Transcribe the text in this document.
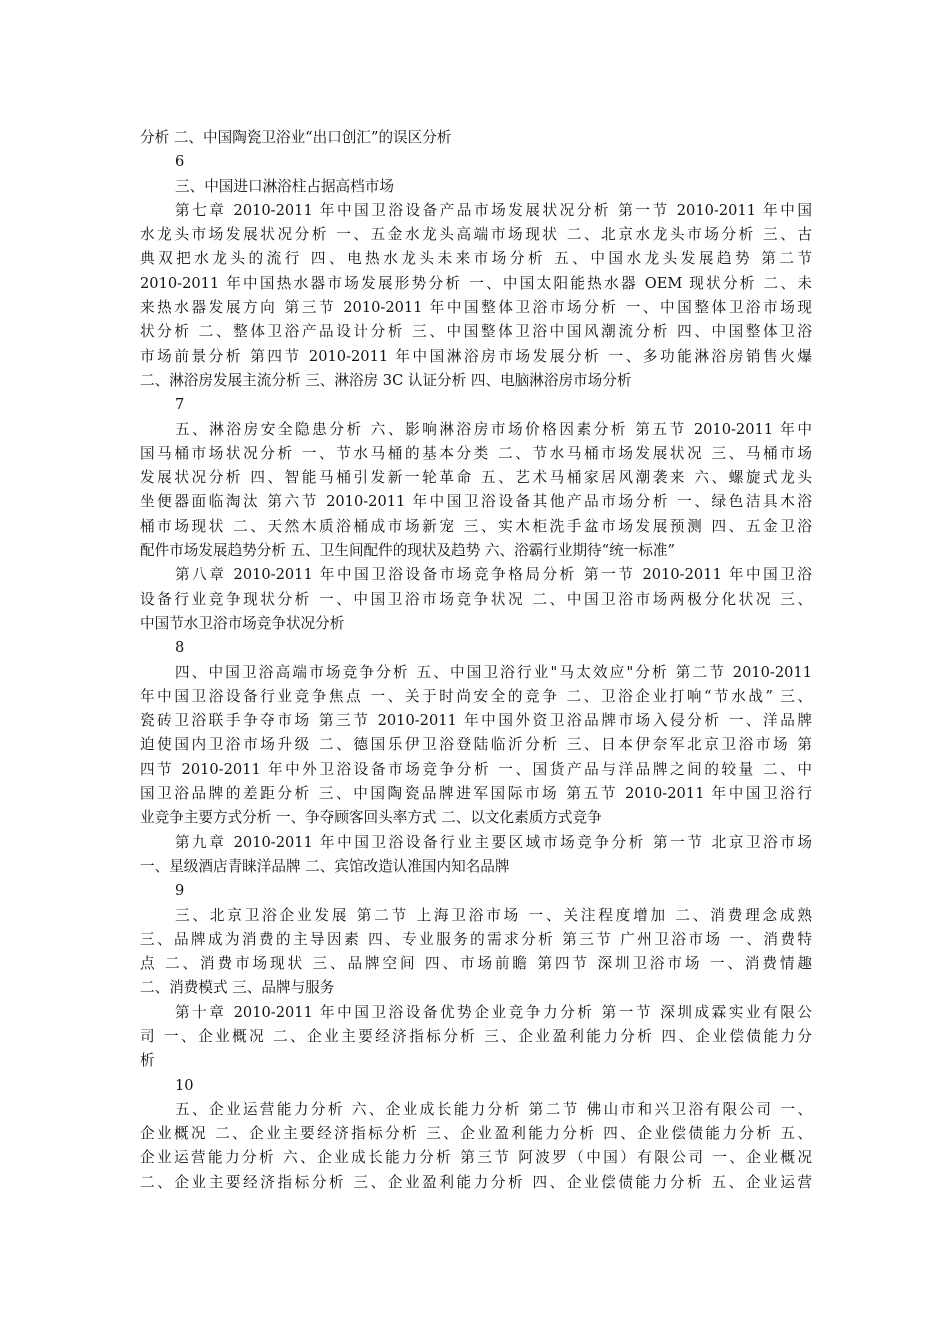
分析 二、中国陶瓷卫浴业“出口创汇”的误区分析
6
三、中国进口淋浴柱占据高档市场
第七章 2010-2011 年中国卫浴设备产品市场发展状况分析 第一节 2010-2011 年中国
水龙头市场发展状况分析 一、五金水龙头高端市场现状 二、北京水龙头市场分析 三、古
典双把水龙头的流行 四、电热水龙头未来市场分析 五、中国水龙头发展趋势 第二节
2010-2011 年中国热水器市场发展形势分析 一、中国太阳能热水器 OEM 现状分析 二、未
来热水器发展方向 第三节 2010-2011 年中国整体卫浴市场分析 一、中国整体卫浴市场现
状分析 二、整体卫浴产品设计分析 三、中国整体卫浴中国风潮流分析 四、中国整体卫浴
市场前景分析 第四节 2010-2011 年中国淋浴房市场发展分析 一、多功能淋浴房销售火爆
二、淋浴房发展主流分析 三、淋浴房 3C 认证分析 四、电脑淋浴房市场分析
7
五、淋浴房安全隐患分析 六、影响淋浴房市场价格因素分析 第五节 2010-2011 年中
国马桶市场状况分析 一、节水马桶的基本分类 二、节水马桶市场发展状况 三、马桶市场
发展状况分析 四、智能马桶引发新一轮革命 五、艺术马桶家居风潮袭来 六、螺旋式龙头
坐便器面临淘汰 第六节 2010-2011 年中国卫浴设备其他产品市场分析 一、绿色洁具木浴
桶市场现状 二、天然木质浴桶成市场新宠 三、实木柜洗手盆市场发展预测 四、五金卫浴
配件市场发展趋势分析 五、卫生间配件的现状及趋势 六、浴霸行业期待“统一标准”
第八章 2010-2011 年中国卫浴设备市场竞争格局分析 第一节 2010-2011 年中国卫浴
设备行业竞争现状分析 一、中国卫浴市场竞争状况 二、中国卫浴市场两极分化状况 三、
中国节水卫浴市场竞争状况分析
8
四、中国卫浴高端市场竞争分析 五、中国卫浴行业"马太效应"分析 第二节 2010-2011
年中国卫浴设备行业竞争焦点 一、关于时尚安全的竞争 二、卫浴企业打响“节水战” 三、
瓷砖卫浴联手争夺市场 第三节 2010-2011 年中国外资卫浴品牌市场入侵分析 一、洋品牌
迫使国内卫浴市场升级 二、德国乐伊卫浴登陆临沂分析 三、日本伊奈军北京卫浴市场 第
四节 2010-2011 年中外卫浴设备市场竞争分析 一、国货产品与洋品牌之间的较量 二、中
国卫浴品牌的差距分析 三、中国陶瓷品牌进军国际市场 第五节 2010-2011 年中国卫浴行
业竞争主要方式分析 一、争夺顾客回头率方式 二、以文化素质方式竞争
第九章 2010-2011 年中国卫浴设备行业主要区域市场竞争分析 第一节 北京卫浴市场
一、星级酒店青睐洋品牌 二、宾馆改造认准国内知名品牌
9
三、北京卫浴企业发展 第二节 上海卫浴市场 一、关注程度增加 二、消费理念成熟
三、品牌成为消费的主导因素 四、专业服务的需求分析 第三节 广州卫浴市场 一、消费特
点 二、消费市场现状 三、品牌空间 四、市场前瞻 第四节 深圳卫浴市场 一、消费情趣
二、消费模式 三、品牌与服务
第十章 2010-2011 年中国卫浴设备优势企业竞争力分析 第一节 深圳成霖实业有限公
司 一、企业概况 二、企业主要经济指标分析 三、企业盈利能力分析 四、企业偿债能力分
析
10
五、企业运营能力分析 六、企业成长能力分析 第二节 佛山市和兴卫浴有限公司 一、
企业概况 二、企业主要经济指标分析 三、企业盈利能力分析 四、企业偿债能力分析 五、
企业运营能力分析 六、企业成长能力分析 第三节 阿波罗（中国）有限公司 一、企业概况
二、企业主要经济指标分析 三、企业盈利能力分析 四、企业偿债能力分析 五、企业运营
